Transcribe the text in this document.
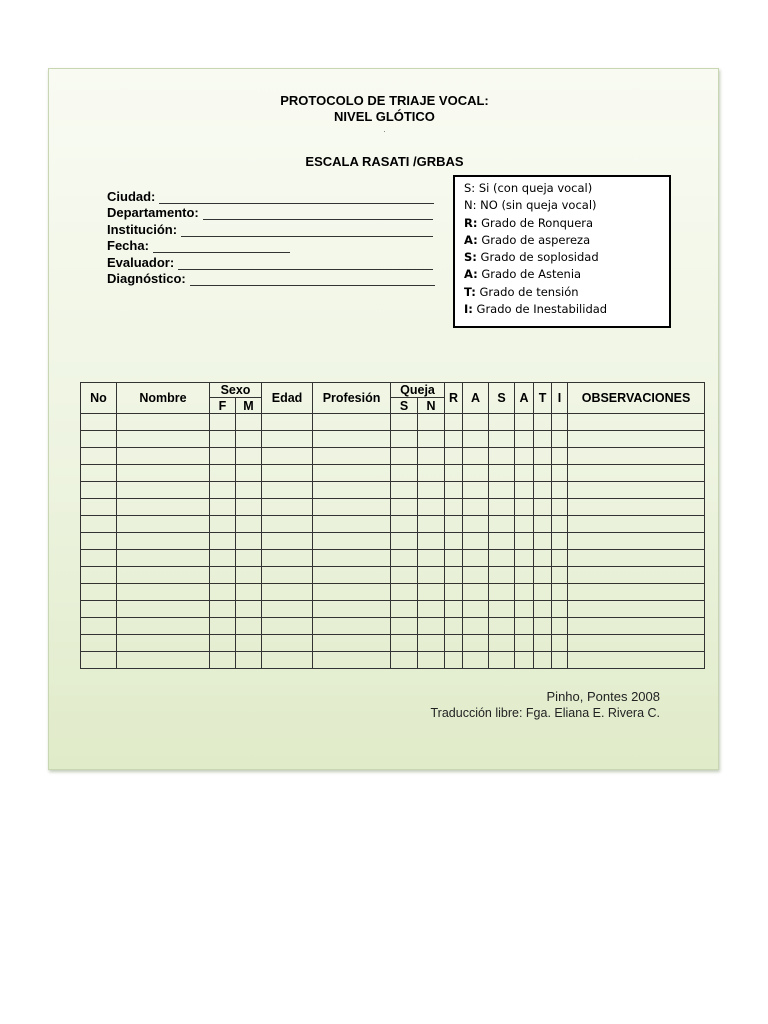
PROTOCOLO DE TRIAJE VOCAL:
NIVEL GLÓTICO
.
ESCALA RASATI /GRBAS
Ciudad:
Departamento:
Institución:
Fecha:
Evaluador:
Diagnóstico:
S: Si (con queja vocal)
N: NO (sin queja vocal)
R: Grado de Ronquera
A: Grado de aspereza
S: Grado de soplosidad
A: Grado de Astenia
T: Grado de tensión
I: Grado de Inestabilidad
No	Nombre	Sexo		Edad	Profesión	Queja		R	A	S	A	T	I	OBSERVACIONES
		F	M			S	N							

Pinho, Pontes 2008
Traducción libre: Fga. Eliana E. Rivera C.
